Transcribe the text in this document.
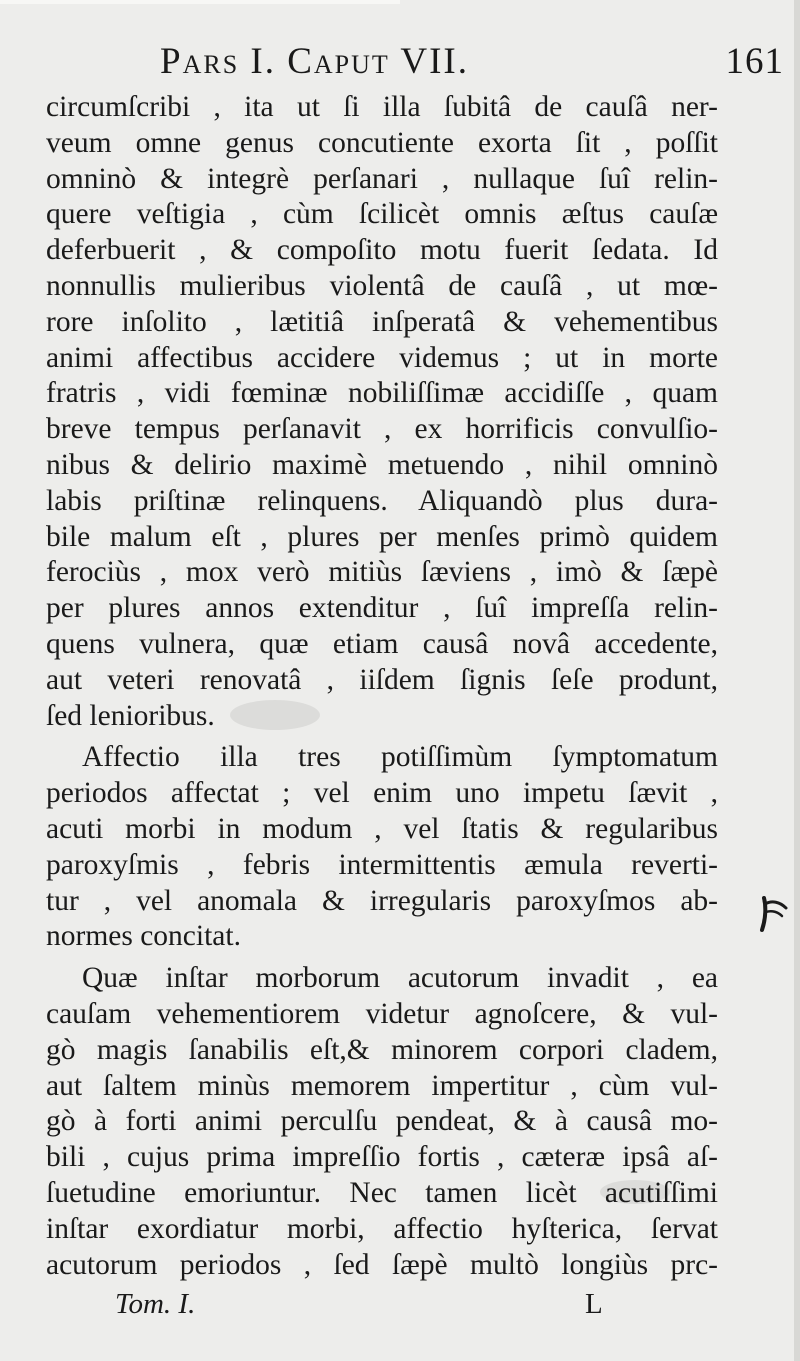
Pars I. Caput VII.	161
circumſcribi , ita ut ſi illa ſubitâ de cauſâ ner-
veum omne genus concutiente exorta ſit , poſſit
omninò & integrè perſanari , nullaque ſuî relin-
quere veſtigia , cùm ſcilicèt omnis æſtus cauſæ
deferbuerit , & compoſito motu fuerit ſedata. Id
nonnullis mulieribus violentâ de cauſâ , ut mœ-
rore inſolito , lætitiâ inſperatâ & vehementibus
animi affectibus accidere videmus ; ut in morte
fratris , vidi fœminæ nobiliſſimæ accidiſſe , quam
breve tempus perſanavit , ex horrificis convulſio-
nibus & delirio maximè metuendo , nihil omninò
labis priſtinæ relinquens. Aliquandò plus dura-
bile malum eſt , plures per menſes primò quidem
ferociùs , mox verò mitiùs ſæviens , imò & ſæpè
per plures annos extenditur , ſuî impreſſa relin-
quens vulnera, quæ etiam causâ novâ accedente,
aut veteri renovatâ , iiſdem ſignis ſeſe produnt,
ſed lenioribus.
Affectio illa tres potiſſimùm ſymptomatum
periodos affectat ; vel enim uno impetu ſævit ,
acuti morbi in modum , vel ſtatis & regularibus
paroxyſmis , febris intermittentis æmula reverti-
tur , vel anomala & irregularis paroxyſmos ab-
normes concitat.
Quæ inſtar morborum acutorum invadit , ea
cauſam vehementiorem videtur agnoſcere, & vul-
gò magis ſanabilis eſt,& minorem corpori cladem,
aut ſaltem minùs memorem impertitur , cùm vul-
gò à forti animi perculſu pendeat, & à causâ mo-
bili , cujus prima impreſſio fortis , cæteræ ipsâ aſ-
ſuetudine emoriuntur. Nec tamen licèt acutiſſimi
inſtar exordiatur morbi, affectio hyſterica, ſervat
acutorum periodos , ſed ſæpè multò longiùs prc-
Tom. I.	L
